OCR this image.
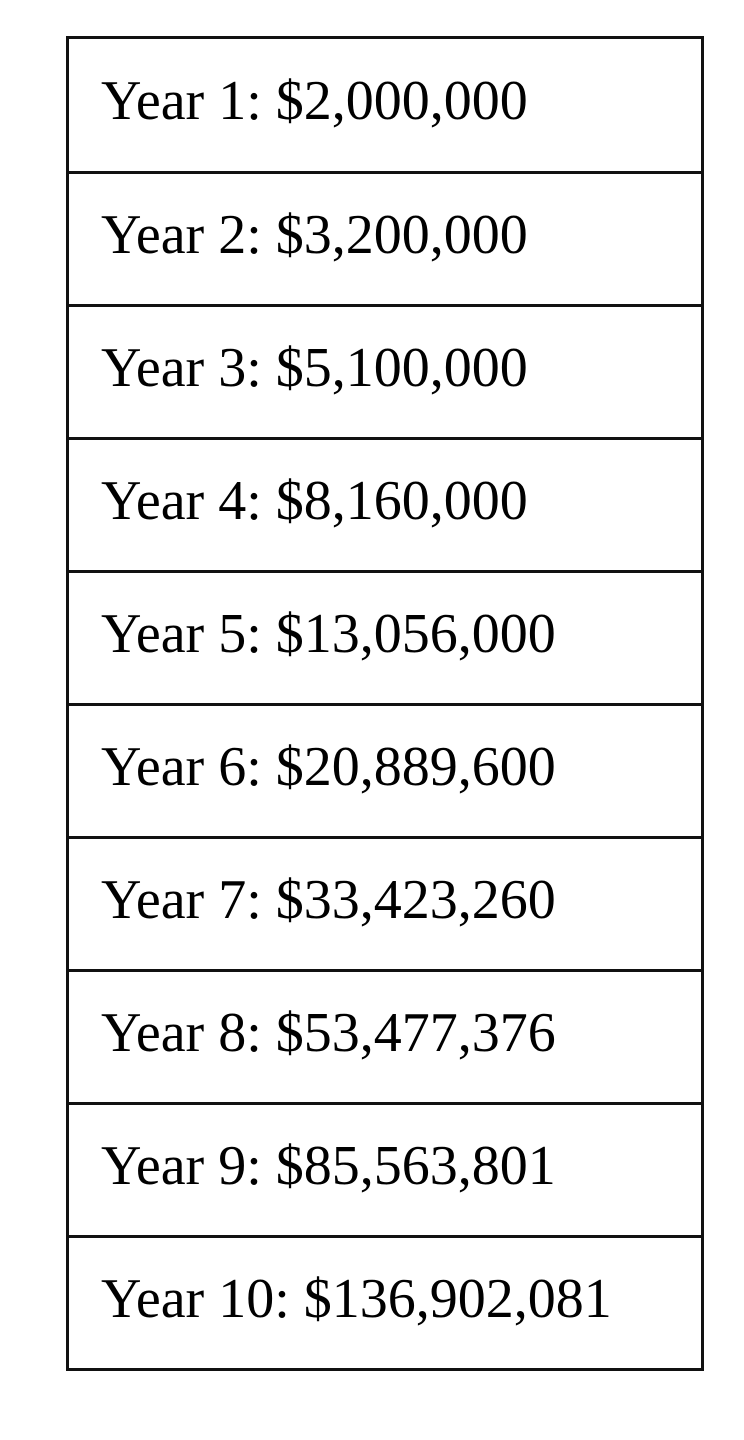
Year 1: $2,000,000
Year 2: $3,200,000
Year 3: $5,100,000
Year 4: $8,160,000
Year 5: $13,056,000
Year 6: $20,889,600
Year 7: $33,423,260
Year 8: $53,477,376
Year 9: $85,563,801
Year 10: $136,902,081
